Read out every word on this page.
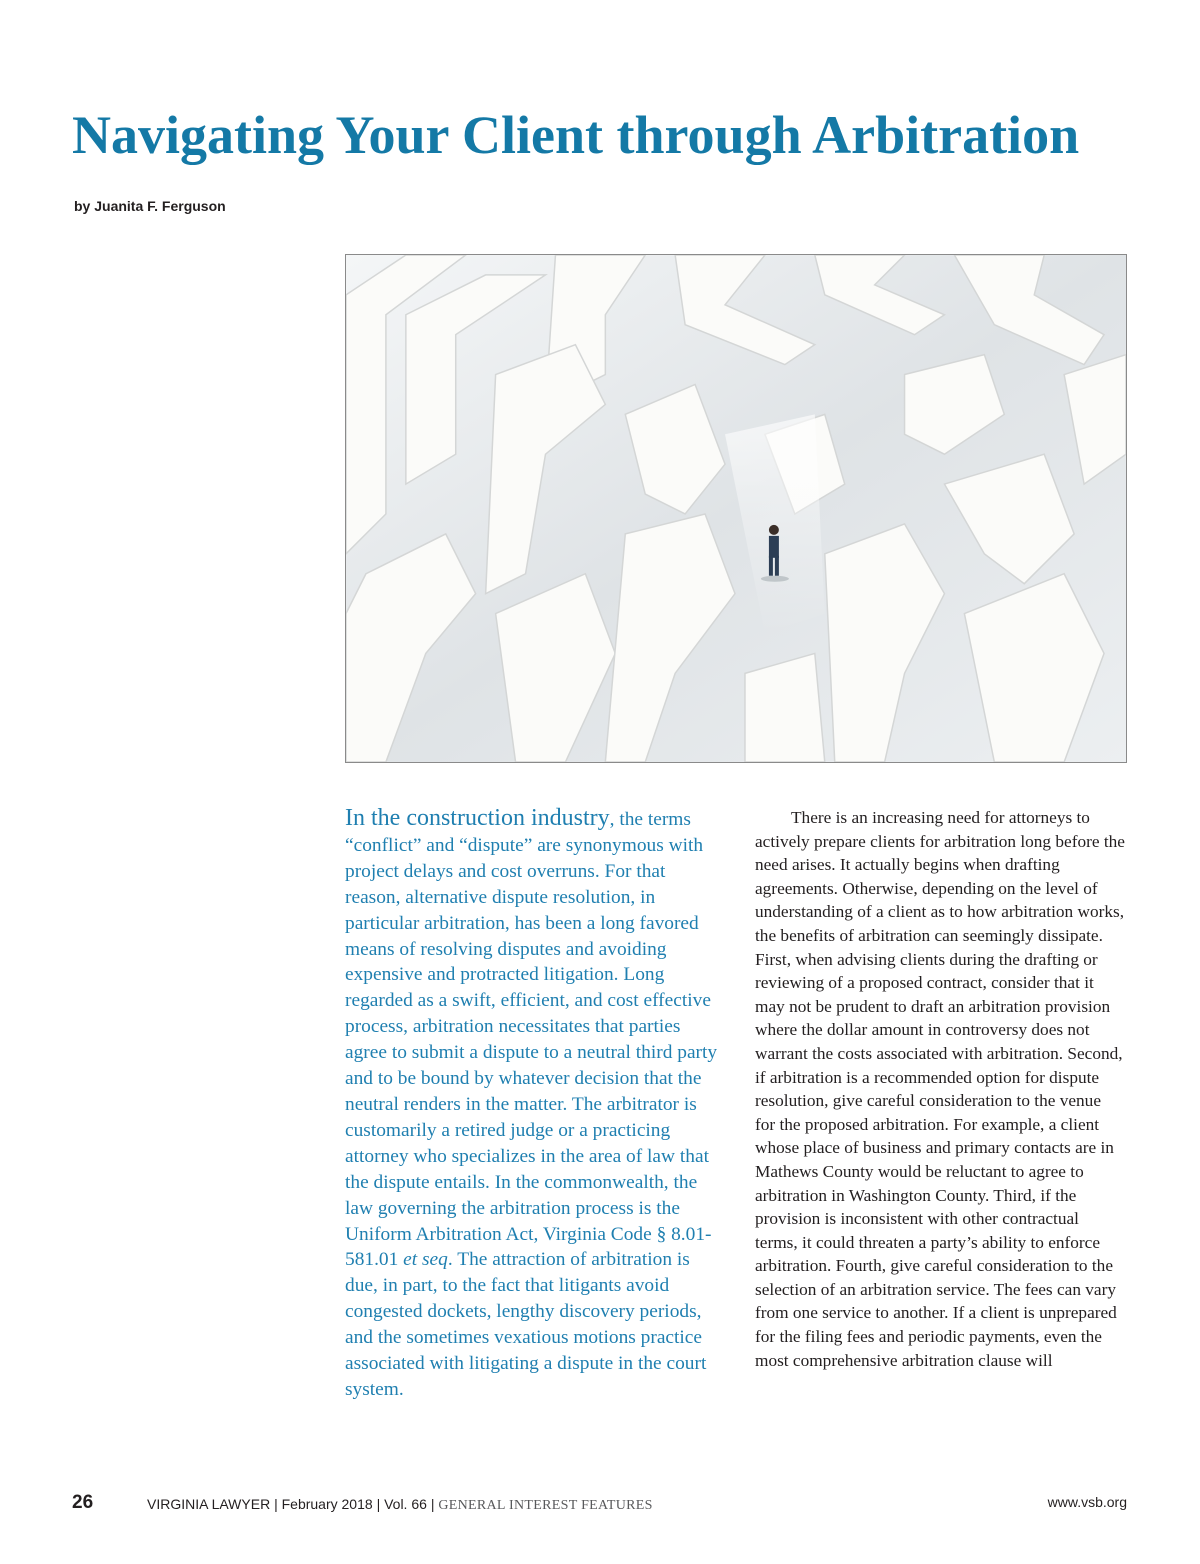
Navigating Your Client through Arbitration
by Juanita F. Ferguson
In the construction industry, the terms “conflict” and “dispute” are synonymous with project delays and cost overruns. For that reason, alternative dispute resolution, in particular arbitration, has been a long favored means of resolving disputes and avoiding expensive and protracted litigation. Long regarded as a swift, efficient, and cost effective process, arbitration necessitates that parties agree to submit a dispute to a neutral third party and to be bound by whatever decision that the neutral renders in the matter. The arbitrator is customarily a retired judge or a practicing attorney who specializes in the area of law that the dispute entails. In the commonwealth, the law governing the arbitration process is the Uniform Arbitration Act, Virginia Code § 8.01-581.01 et seq. The attraction of arbitration is due, in part, to the fact that litigants avoid congested dockets, lengthy discovery periods, and the sometimes vexatious motions practice associated with litigating a dispute in the court system.
There is an increasing need for attorneys to actively prepare clients for arbitration long before the need arises. It actually begins when drafting agreements. Otherwise, depending on the level of understanding of a client as to how arbitration works, the benefits of arbitration can seemingly dissipate. First, when advising clients during the drafting or reviewing of a proposed contract, consider that it may not be prudent to draft an arbitration provision where the dollar amount in controversy does not warrant the costs associated with arbitration. Second, if arbitration is a recommended option for dispute resolution, give careful consideration to the venue for the proposed arbitration. For example, a client whose place of business and primary contacts are in Mathews County would be reluctant to agree to arbitration in Washington County. Third, if the provision is inconsistent with other contractual terms, it could threaten a party’s ability to enforce arbitration. Fourth, give careful consideration to the selection of an arbitration service. The fees can vary from one service to another. If a client is unprepared for the filing fees and periodic payments, even the most comprehensive arbitration clause will
26	VIRGINIA LAWYER | February 2018 | Vol. 66 | GENERAL INTEREST FEATURES	www.vsb.org
